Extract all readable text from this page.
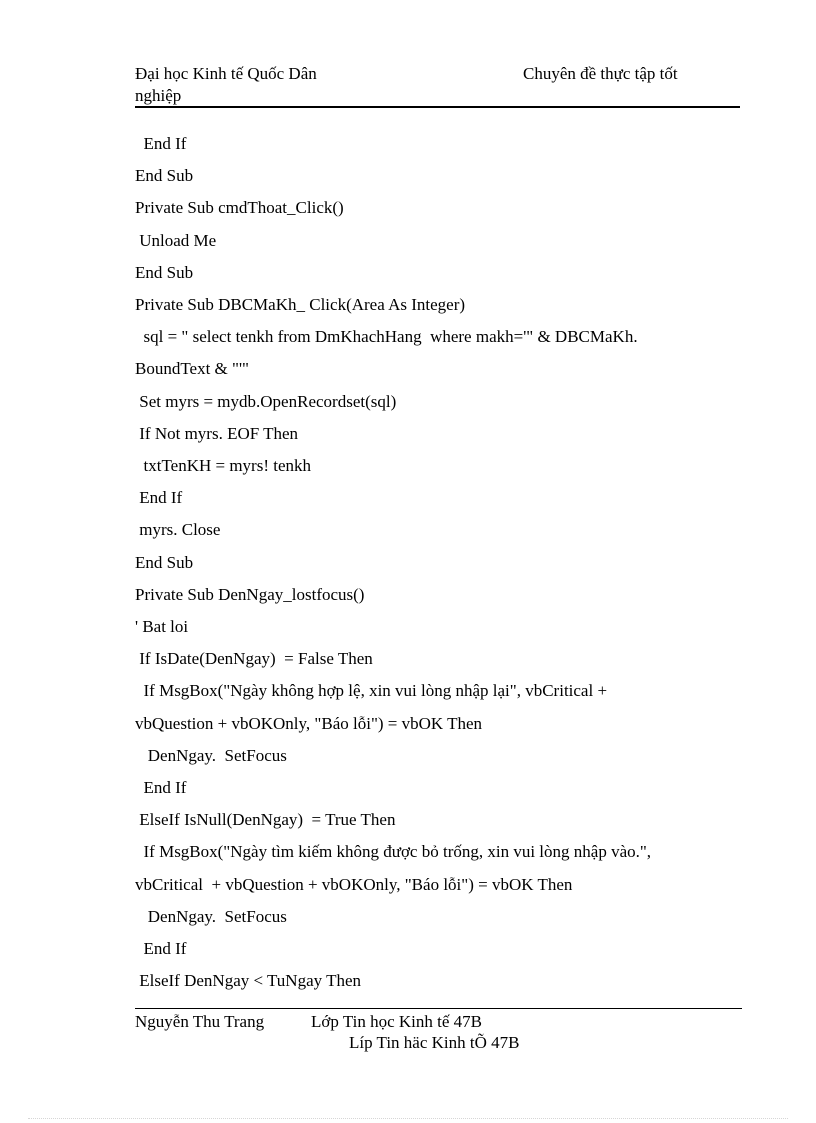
Đại học Kinh tế Quốc Dân	Chuyên đề thực tập tốt
nghiệp
End If
End Sub
Private Sub cmdThoat_Click()
Unload Me
End Sub
Private Sub DBCMaKh_ Click(Area As Integer)
sql = " select tenkh from DmKhachHang  where makh='" & DBCMaKh.
BoundText & "'"
Set myrs = mydb.OpenRecordset(sql)
If Not myrs. EOF Then
txtTenKH = myrs! tenkh
End If
myrs. Close
End Sub
Private Sub DenNgay_lostfocus()
' Bat loi
If IsDate(DenNgay)  = False Then
If MsgBox("Ngày không hợp lệ, xin vui lòng nhập lại", vbCritical +
vbQuestion + vbOKOnly, "Báo lỗi") = vbOK Then
DenNgay.  SetFocus
End If
ElseIf IsNull(DenNgay)  = True Then
If MsgBox("Ngày tìm kiếm không được bỏ trống, xin vui lòng nhập vào.",
vbCritical  + vbQuestion + vbOKOnly, "Báo lỗi") = vbOK Then
DenNgay.  SetFocus
End If
ElseIf DenNgay < TuNgay Then
Nguyễn Thu Trang	Lớp Tin học Kinh tế 47B
Líp Tin häc Kinh tÕ 47B
